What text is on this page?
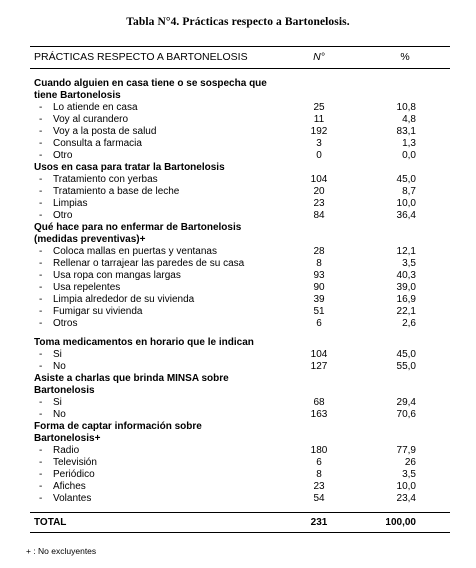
Tabla N°4. Prácticas respecto a Bartonelosis.
PRÁCTICAS RESPECTO A BARTONELOSIS	N°	%
Cuando alguien en casa tiene o se sospecha que
tiene Bartonelosis
- Lo atiende en casa	25	10,8
- Voy al curandero	11	4,8
- Voy a la posta de salud	192	83,1
- Consulta a farmacia	3	1,3
- Otro	0	0,0
Usos en casa para tratar la Bartonelosis
- Tratamiento con yerbas	104	45,0
- Tratamiento a base de leche	20	8,7
- Limpias	23	10,0
- Otro	84	36,4
Qué hace para no enfermar de Bartonelosis
(medidas preventivas)+
- Coloca mallas en puertas y ventanas	28	12,1
- Rellenar o tarrajear las paredes de su casa	8	3,5
- Usa ropa con mangas largas	93	40,3
- Usa repelentes	90	39,0
- Limpia alrededor de su vivienda	39	16,9
- Fumigar su vivienda	51	22,1
- Otros	6	2,6
Toma medicamentos en horario que le indican
- Si	104	45,0
- No	127	55,0
Asiste a charlas que brinda MINSA sobre
Bartonelosis
- Si	68	29,4
- No	163	70,6
Forma de captar información sobre
Bartonelosis+
- Radio	180	77,9
- Televisión	6	26
- Periódico	8	3,5
- Afiches	23	10,0
- Volantes	54	23,4
TOTAL	231	100,00
+ : No excluyentes
